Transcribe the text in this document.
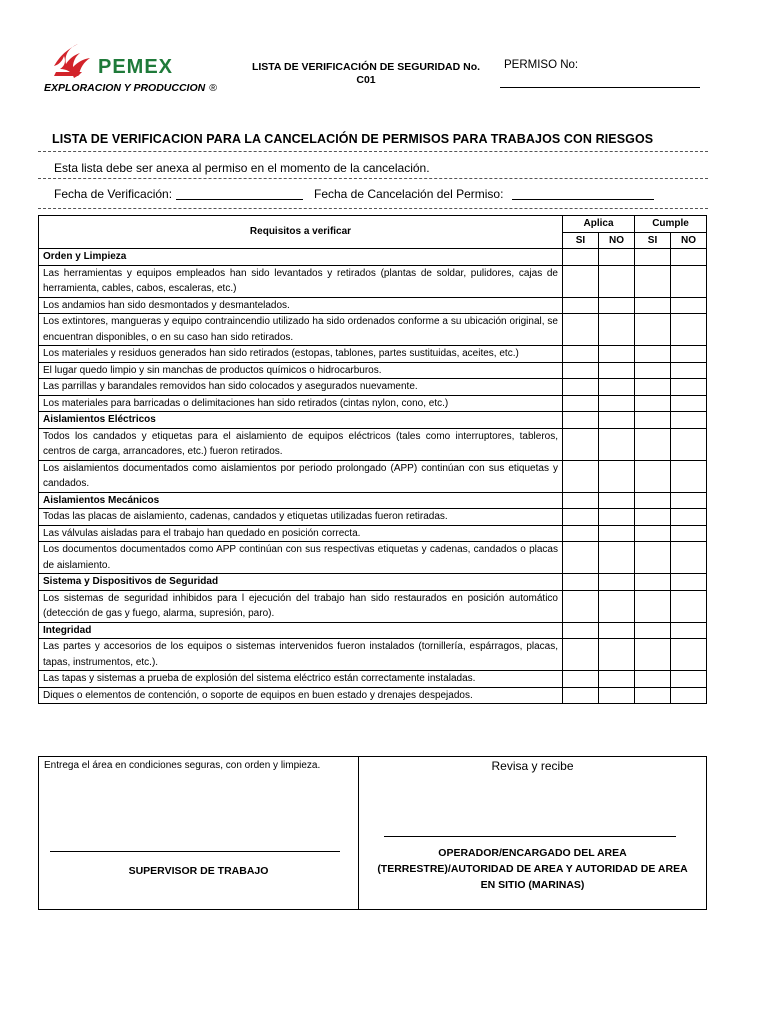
PEMEX
EXPLORACION Y PRODUCCION ®
LISTA DE VERIFICACIÓN DE SEGURIDAD No.
C01
PERMISO No:
LISTA DE VERIFICACION PARA LA CANCELACIÓN DE PERMISOS PARA TRABAJOS CON RIESGOS
Esta lista debe ser anexa al permiso en el momento de la cancelación.
Fecha de Verificación:	Fecha de Cancelación del Permiso:
Requisitos a verificar	Aplica		Cumple	
	SI	NO	SI	NO
Orden y Limpieza				
Las herramientas y equipos empleados han sido levantados y retirados (plantas de soldar, pulidores, cajas de herramienta, cables, cabos, escaleras, etc.)				
Los andamios han sido desmontados y desmantelados.				
Los extintores, mangueras y equipo contraincendio utilizado ha sido ordenados conforme a su ubicación original, se encuentran disponibles, o en su caso han sido retirados.				
Los materiales y residuos generados han sido retirados (estopas, tablones, partes sustituidas, aceites, etc.)				
El lugar quedo limpio y sin manchas de productos químicos o hidrocarburos.				
Las parrillas y barandales removidos han sido colocados y asegurados nuevamente.				
Los materiales para barricadas o delimitaciones han sido retirados (cintas nylon, cono, etc.)				
Aislamientos Eléctricos				
Todos los candados y etiquetas para el aislamiento de equipos eléctricos (tales como interruptores, tableros, centros de carga, arrancadores, etc.) fueron retirados.				
Los aislamientos documentados como aislamientos por periodo prolongado (APP) continúan con sus etiquetas y candados.				
Aislamientos Mecánicos				
Todas las placas de aislamiento, cadenas, candados y etiquetas utilizadas fueron retiradas.				
Las válvulas aisladas para el trabajo han quedado en posición correcta.				
Los documentos documentados como APP continúan con sus respectivas etiquetas y cadenas, candados o placas de aislamiento.				
Sistema y Dispositivos de Seguridad				
Los sistemas de seguridad inhibidos para l ejecución del trabajo han sido restaurados en posición automático (detección de gas y fuego, alarma, supresión, paro).				
Integridad				
Las partes y accesorios de los equipos o sistemas intervenidos fueron instalados (tornillería, espárragos, placas, tapas, instrumentos, etc.).				
Las tapas y sistemas a prueba de explosión del sistema eléctrico están correctamente instaladas.				
Diques o elementos de contención, o soporte de equipos en buen estado y drenajes despejados.				
Entrega el área en condiciones seguras, con orden y limpieza.
SUPERVISOR DE TRABAJO
Revisa y recibe
OPERADOR/ENCARGADO DEL AREA (TERRESTRE)/AUTORIDAD DE AREA Y AUTORIDAD DE AREA EN SITIO (MARINAS)
